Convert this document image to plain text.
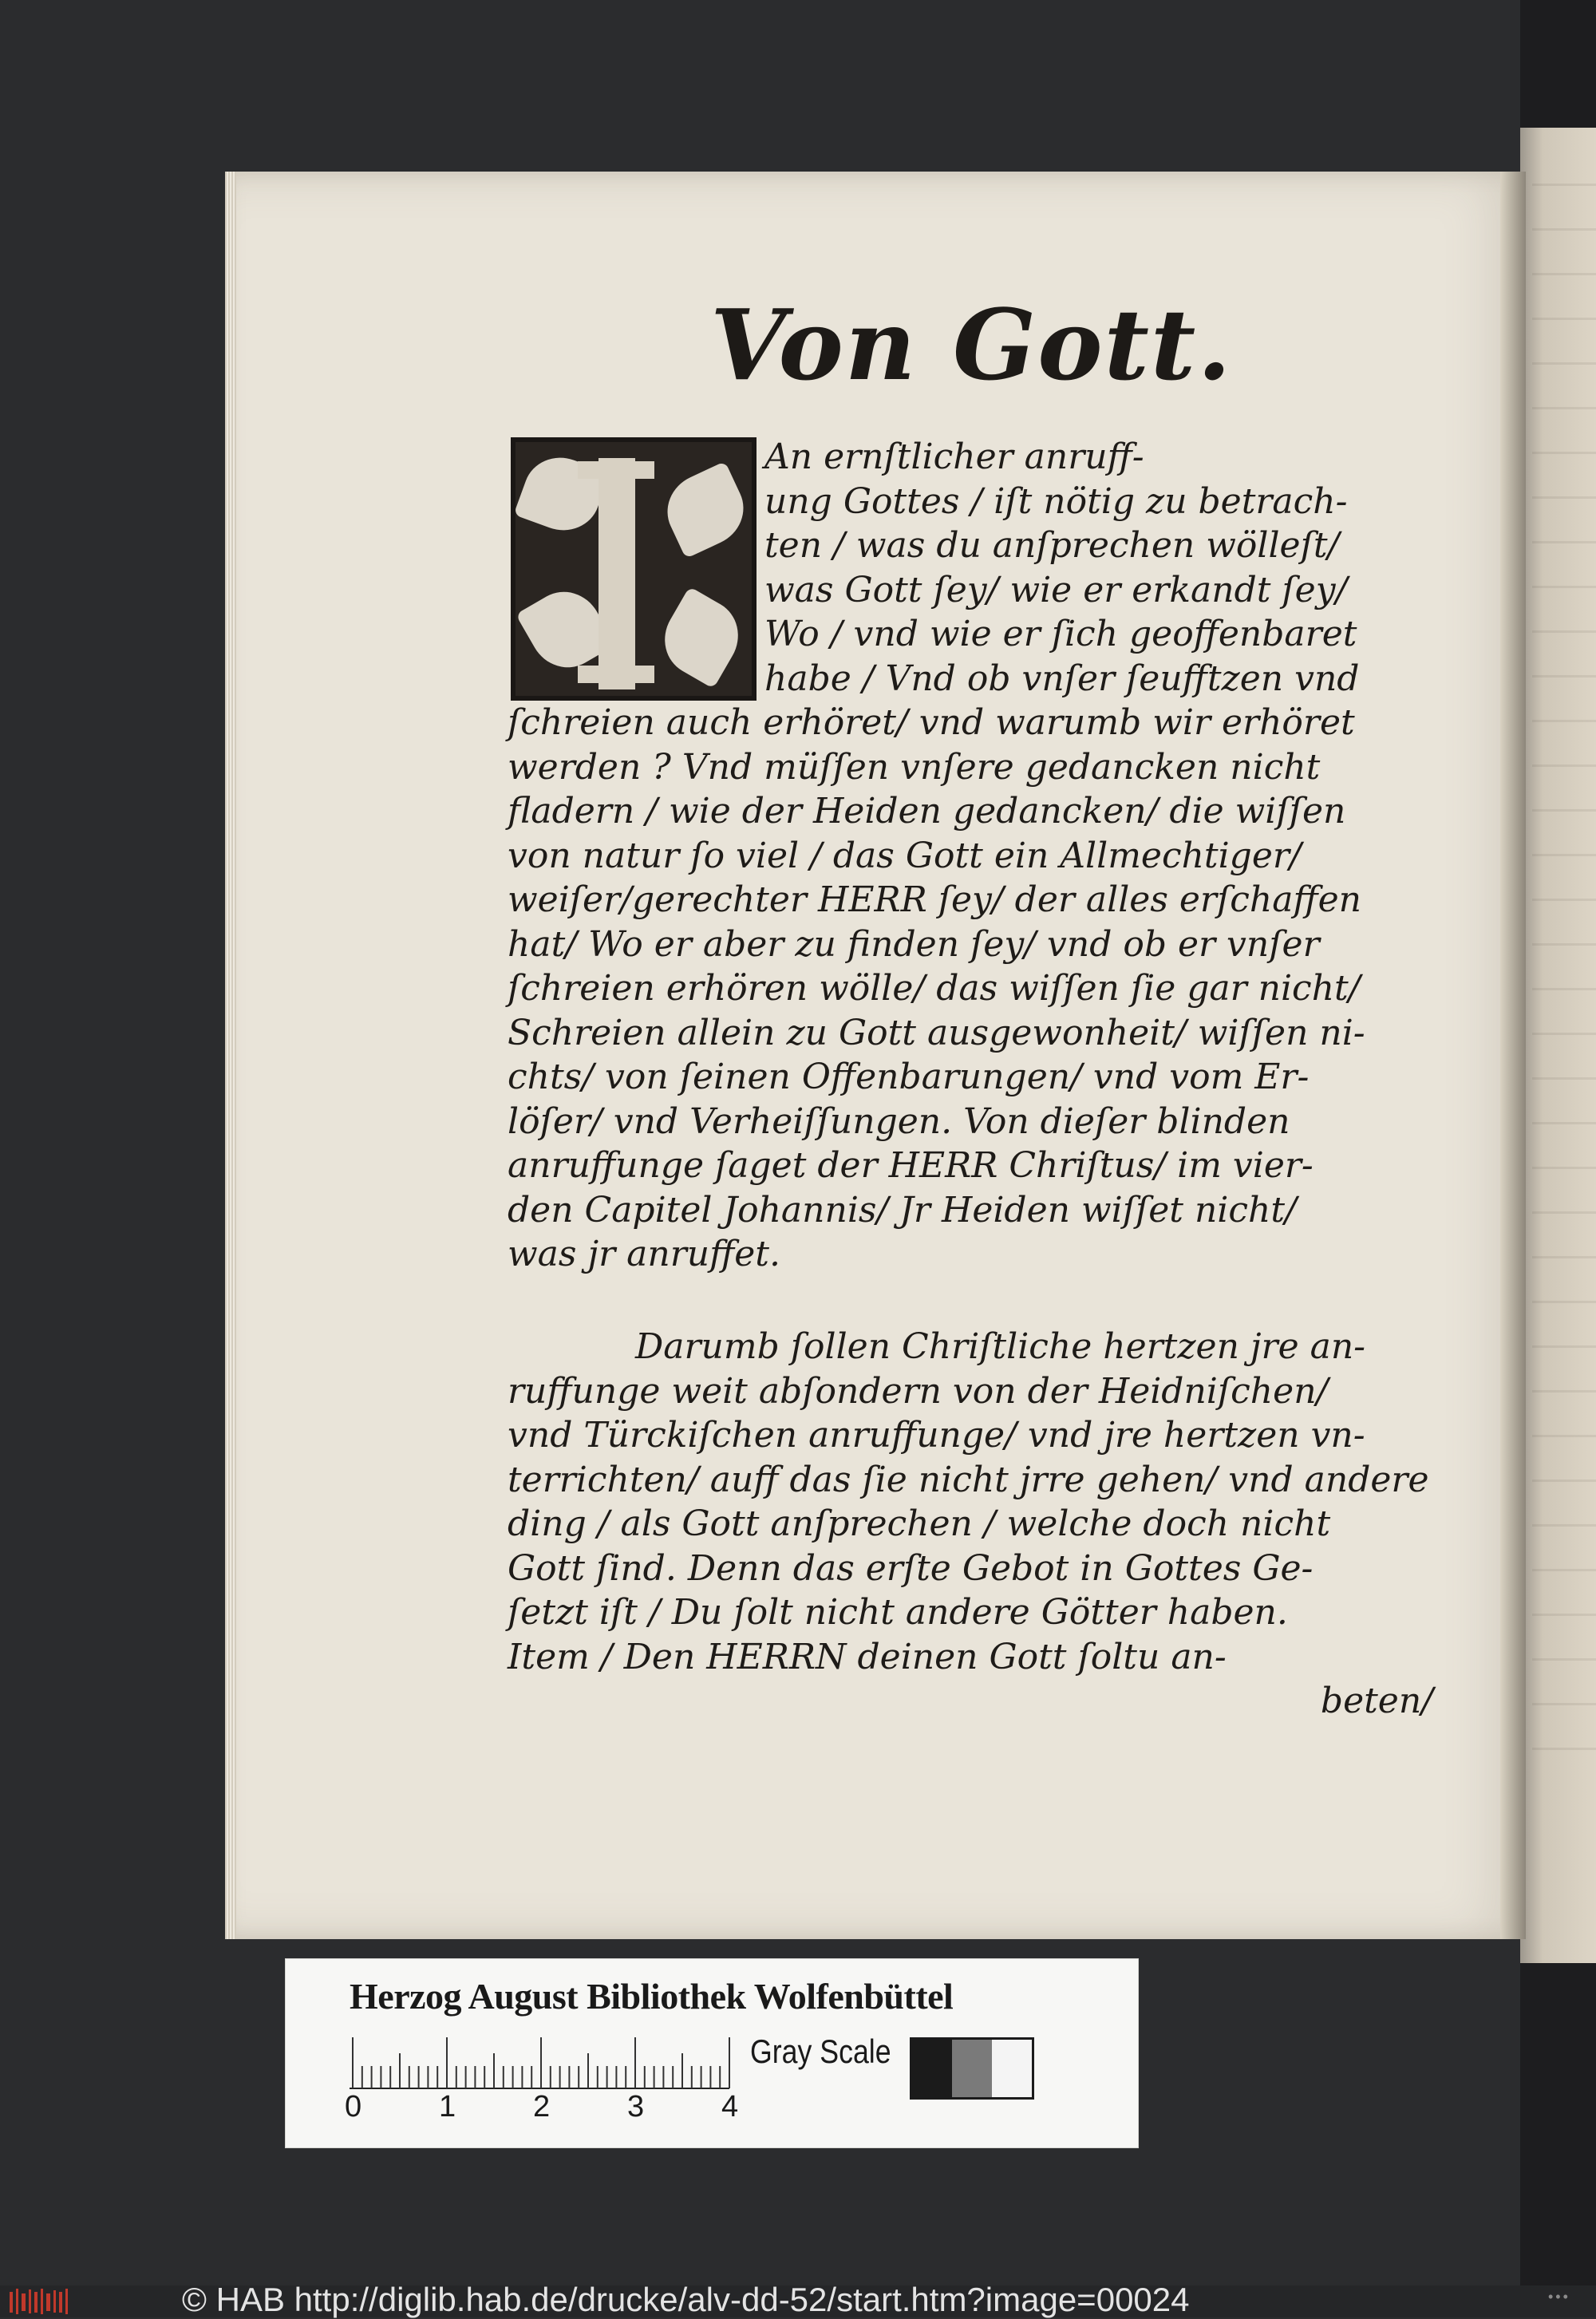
Von Gott.
An ernſtlicher anruff-
ung Gottes / iſt nötig zu betrach-
ten / was du anſprechen wölleſt/
was Gott ſey/ wie er erkandt ſey/
Wo / vnd wie er ſich geoffenbaret
habe / Vnd ob vnſer ſeufftzen vnd
ſchreien auch erhöret/ vnd warumb wir erhöret
werden ? Vnd müſſen vnſere gedancken nicht
fladern / wie der Heiden gedancken/ die wiſſen
von natur ſo viel / das Gott ein Allmechtiger/
weiſer/gerechter HERR ſey/ der alles erſchaffen
hat/ Wo er aber zu finden ſey/ vnd ob er vnſer
ſchreien erhören wölle/ das wiſſen ſie gar nicht/
Schreien allein zu Gott ausgewonheit/ wiſſen ni-
chts/ von ſeinen Offenbarungen/ vnd vom Er-
löſer/ vnd Verheiſſungen. Von dieſer blinden
anruffunge ſaget der HERR Chriſtus/ im vier-
den Capitel Johannis/ Jr Heiden wiſſet nicht/
was jr anruffet.
Darumb ſollen Chriſtliche hertzen jre an-
ruffunge weit abſondern von der Heidniſchen/
vnd Türckiſchen anruffunge/ vnd jre hertzen vn-
terrichten/ auff das ſie nicht jrre gehen/ vnd andere
ding / als Gott anſprechen / welche doch nicht
Gott ſind. Denn das erſte Gebot in Gottes Ge-
ſetzt iſt / Du ſolt nicht andere Götter haben.
Item / Den HERRN deinen Gott ſoltu an-
beten/
Herzog August Bibliothek Wolfenbüttel
0	1	2	3	4
Gray Scale
© HAB http://diglib.hab.de/drucke/alv-dd-52/start.htm?image=00024	•••
